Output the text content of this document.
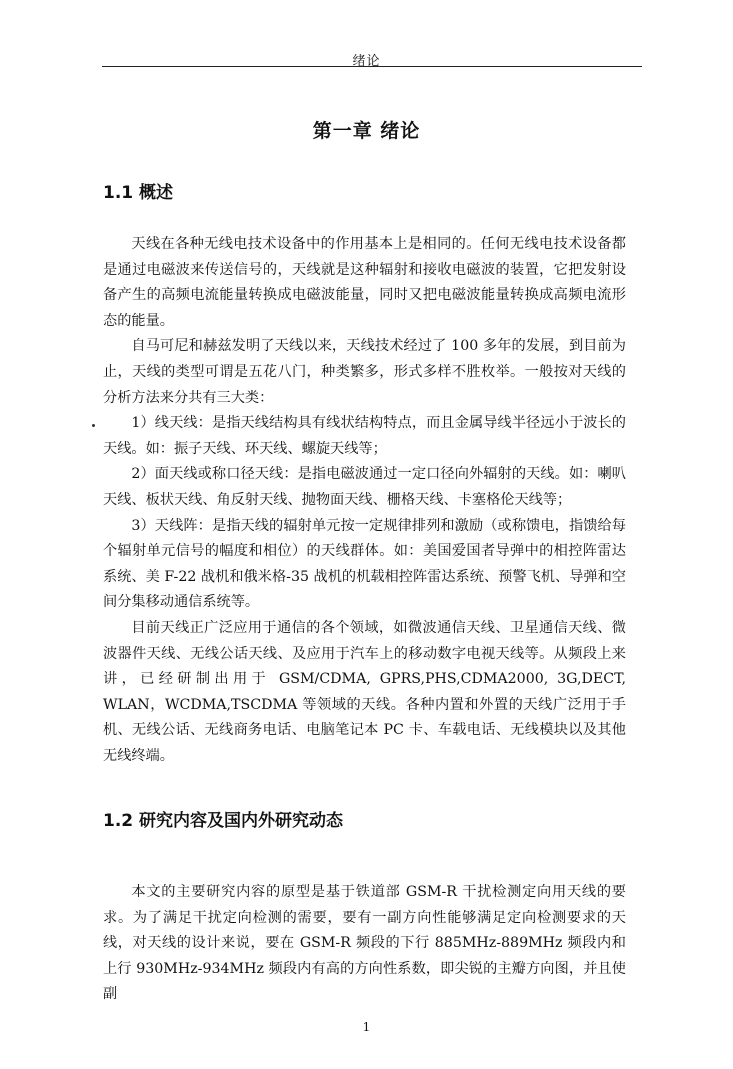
绪论
第一章 绪论
1.1 概述

天线在各种无线电技术设备中的作用基本上是相同的。任何无线电技术设备都是通过电磁波来传送信号的，天线就是这种辐射和接收电磁波的装置，它把发射设备产生的高频电流能量转换成电磁波能量，同时又把电磁波能量转换成高频电流形态的能量。

自马可尼和赫兹发明了天线以来，天线技术经过了 100 多年的发展，到目前为止，天线的类型可谓是五花八门，种类繁多，形式多样不胜枚举。一般按对天线的分析方法来分共有三大类：

1）线天线：是指天线结构具有线状结构特点，而且金属导线半径远小于波长的天线。如：振子天线、环天线、螺旋天线等；

2）面天线或称口径天线：是指电磁波通过一定口径向外辐射的天线。如：喇叭天线、板状天线、角反射天线、抛物面天线、栅格天线、卡塞格伦天线等；

3）天线阵：是指天线的辐射单元按一定规律排列和激励（或称馈电，指馈给每个辐射单元信号的幅度和相位）的天线群体。如：美国爱国者导弹中的相控阵雷达系统、美 F-22 战机和俄米格-35 战机的机载相控阵雷达系统、预警飞机、导弹和空间分集移动通信系统等。

目前天线正广泛应用于通信的各个领域，如微波通信天线、卫星通信天线、微波器件天线、无线公话天线、及应用于汽车上的移动数字电视天线等。从频段上来讲，已经研制出用于 GSM/CDMA, GPRS,PHS,CDMA2000, 3G,DECT, WLAN，WCDMA,TSCDMA 等领域的天线。各种内置和外置的天线广泛用于手机、无线公话、无线商务电话、电脑笔记本 PC 卡、车载电话、无线模块以及其他无线终端。

1.2 研究内容及国内外研究动态

本文的主要研究内容的原型是基于铁道部 GSM-R 干扰检测定向用天线的要求。为了满足干扰定向检测的需要，要有一副方向性能够满足定向检测要求的天线，对天线的设计来说，要在 GSM-R 频段的下行 885MHz-889MHz 频段内和上行 930MHz-934MHz 频段内有高的方向性系数，即尖锐的主瓣方向图，并且使副

1
